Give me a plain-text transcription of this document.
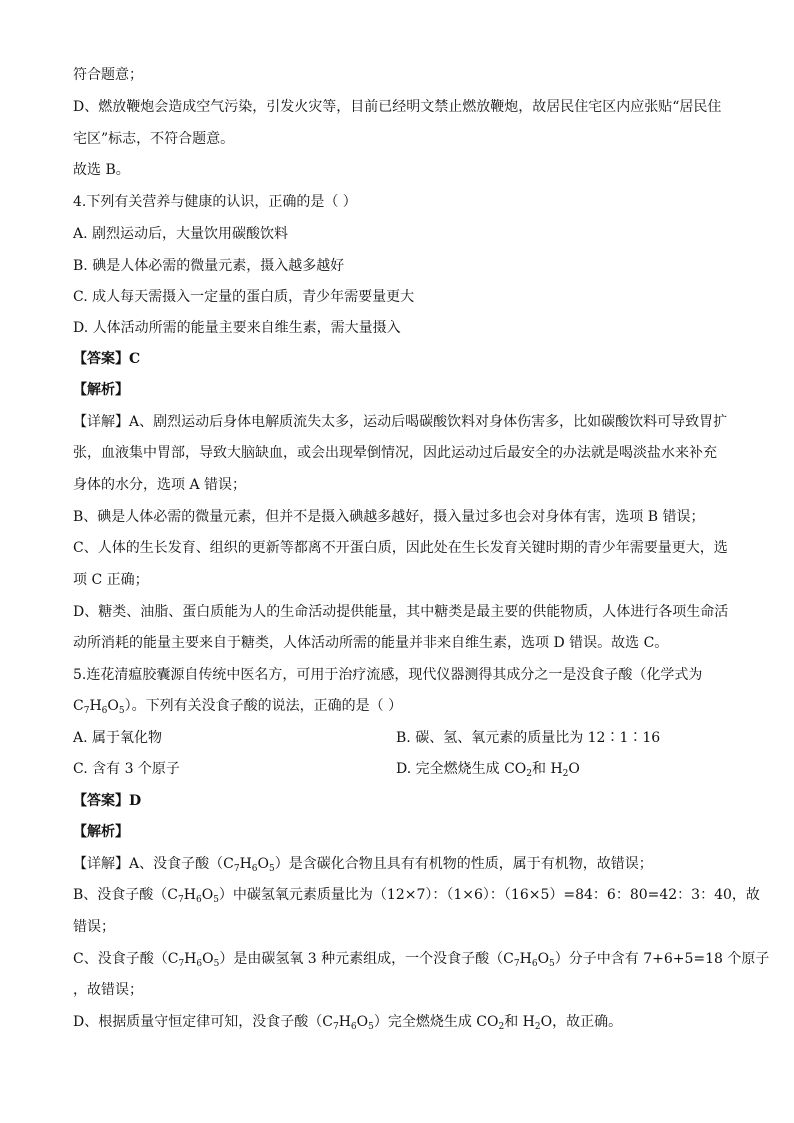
符合题意；
D、燃放鞭炮会造成空气污染，引发火灾等，目前已经明文禁止燃放鞭炮，故居民住宅区内应张贴“居民住
宅区”标志，不符合题意。
故选 B。
4.下列有关营养与健康的认识，正确的是（ ）
A. 剧烈运动后，大量饮用碳酸饮料
B. 碘是人体必需的微量元素，摄入越多越好
C. 成人每天需摄入一定量的蛋白质，青少年需要量更大
D. 人体活动所需的能量主要来自维生素，需大量摄入
【答案】C
【解析】
【详解】A、剧烈运动后身体电解质流失太多，运动后喝碳酸饮料对身体伤害多，比如碳酸饮料可导致胃扩
张，血液集中胃部，导致大脑缺血，或会出现晕倒情况，因此运动过后最安全的办法就是喝淡盐水来补充
身体的水分，选项 A 错误；
B、碘是人体必需的微量元素，但并不是摄入碘越多越好，摄入量过多也会对身体有害，选项 B 错误；
C、人体的生长发育、组织的更新等都离不开蛋白质，因此处在生长发育关键时期的青少年需要量更大，选
项 C 正确；
D、糖类、油脂、蛋白质能为人的生命活动提供能量，其中糖类是最主要的供能物质，人体进行各项生命活
动所消耗的能量主要来自于糖类，人体活动所需的能量并非来自维生素，选项 D 错误。故选 C。
5.连花清瘟胶囊源自传统中医名方，可用于治疗流感，现代仪器测得其成分之一是没食子酸（化学式为
$C_7H_6O_5$）。下列有关没食子酸的说法，正确的是（ ）
A. 属于氧化物	B. 碳、氢、氧元素的质量比为 12∶1∶16
C. 含有 3 个原子	D. 完全燃烧生成 $CO_2$和 $H_2O$
【答案】D
【解析】
【详解】A、没食子酸$(C_7H_6O_5)$是含碳化合物且具有有机物的性质，属于有机物，故错误；
B、没食子酸$(C_7H_6O_5)$中碳氢氧元素质量比为（12×7）：（1×6）：（16×5）=84：6：80=42：3：40，故
错误；
C、没食子酸$(C_7H_6O_5)$是由碳氢氧 3 种元素组成，一个没食子酸$(C_7H_6O_5)$分子中含有 7+6+5=18 个原子
，故错误；
D、根据质量守恒定律可知，没食子酸$(C_7H_6O_5)$完全燃烧生成 $CO_2$和 $H_2O$，故正确。
